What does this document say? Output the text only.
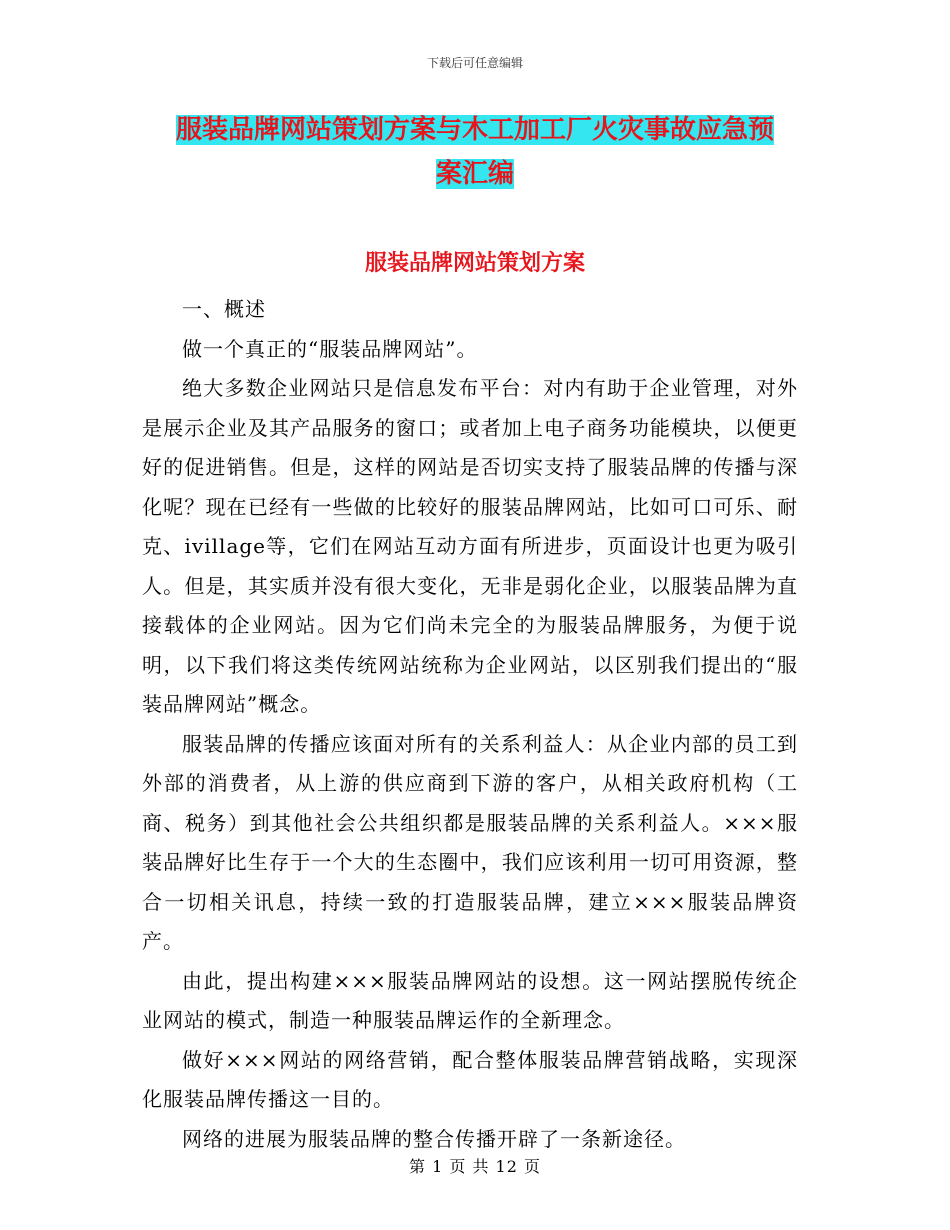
下载后可任意编辑
服装品牌网站策划方案与木工加工厂火灾事故应急预
案汇编
服装品牌网站策划方案

一、概述

做一个真正的“服装品牌网站”。

绝大多数企业网站只是信息发布平台：对内有助于企业管理，对外是展示企业及其产品服务的窗口；或者加上电子商务功能模块，以便更好的促进销售。但是，这样的网站是否切实支持了服装品牌的传播与深化呢？现在已经有一些做的比较好的服装品牌网站，比如可口可乐、耐克、ivillage等，它们在网站互动方面有所进步，页面设计也更为吸引人。但是，其实质并没有很大变化，无非是弱化企业，以服装品牌为直接载体的企业网站。因为它们尚未完全的为服装品牌服务，为便于说明，以下我们将这类传统网站统称为企业网站，以区别我们提出的“服装品牌网站”概念。

服装品牌的传播应该面对所有的关系利益人：从企业内部的员工到外部的消费者，从上游的供应商到下游的客户，从相关政府机构（工商、税务）到其他社会公共组织都是服装品牌的关系利益人。×××服装品牌好比生存于一个大的生态圈中，我们应该利用一切可用资源，整合一切相关讯息，持续一致的打造服装品牌，建立×××服装品牌资产。

由此，提出构建×××服装品牌网站的设想。这一网站摆脱传统企业网站的模式，制造一种服装品牌运作的全新理念。

做好×××网站的网络营销，配合整体服装品牌营销战略，实现深化服装品牌传播这一目的。

网络的进展为服装品牌的整合传播开辟了一条新途径。

第 1 页 共 12 页
